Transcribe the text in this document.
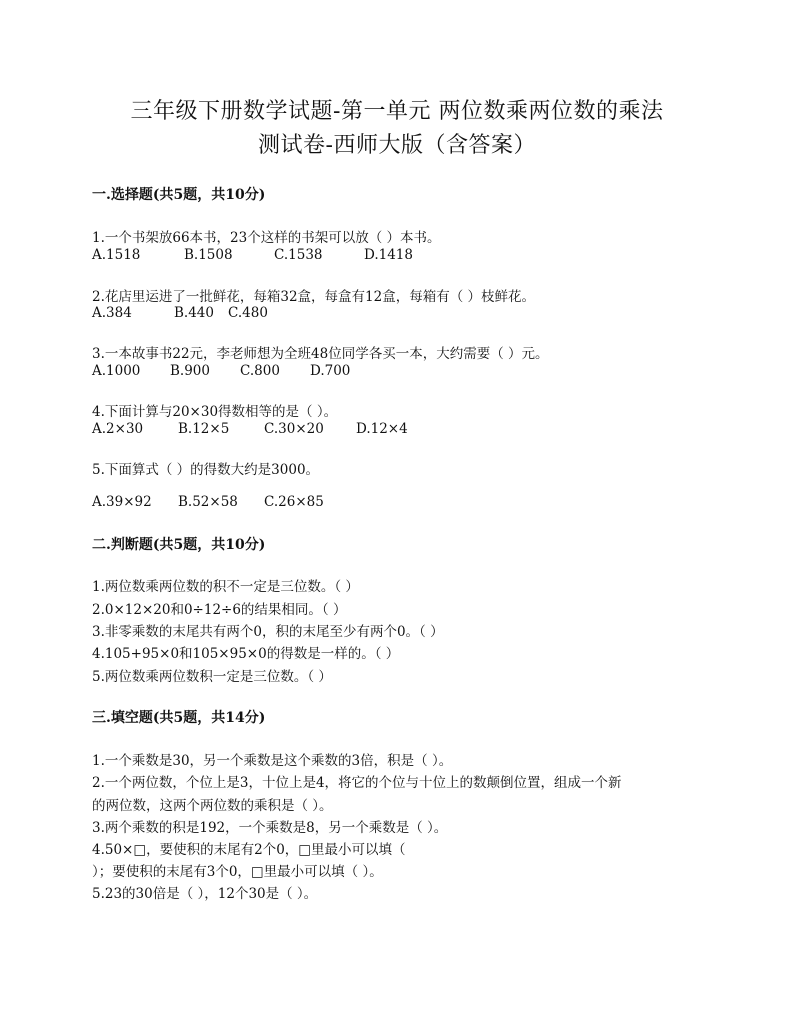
三年级下册数学试题-第一单元 两位数乘两位数的乘法
测试卷-西师大版（含答案）
一.选择题(共5题，共10分)
1.一个书架放66本书，23个这样的书架可以放（ ）本书。
A.1518	B.1508	C.1538	D.1418
2.花店里运进了一批鲜花，每箱32盒，每盒有12盒，每箱有（ ）枝鲜花。
A.384	B.440 C.480
3.一本故事书22元，李老师想为全班48位同学各买一本，大约需要（ ）元。
A.1000 B.900 C.800 D.700
4.下面计算与20×30得数相等的是（ ）。
A.2×30	B.12×5	C.30×20 D.12×4
5.下面算式（ ）的得数大约是3000。
A.39×92 B.52×58 C.26×85
二.判断题(共5题，共10分)
1.两位数乘两位数的积不一定是三位数。（ ）
2.0×12×20和0÷12÷6的结果相同。（ ）
3.非零乘数的末尾共有两个0，积的末尾至少有两个0。（ ）
4.105+95×0和105×95×0的得数是一样的。（ ）
5.两位数乘两位数积一定是三位数。（ ）
三.填空题(共5题，共14分)
1.一个乘数是30，另一个乘数是这个乘数的3倍，积是（ ）。
2.一个两位数，个位上是3，十位上是4，将它的个位与十位上的数颠倒位置，组成一个新
的两位数，这两个两位数的乘积是（ ）。
3.两个乘数的积是192，一个乘数是8，另一个乘数是（ ）。
4.50×□，要使积的末尾有2个0，□里最小可以填（
）；要使积的末尾有3个0，□里最小可以填（ ）。
5.23的30倍是（ ），12个30是（ ）。
